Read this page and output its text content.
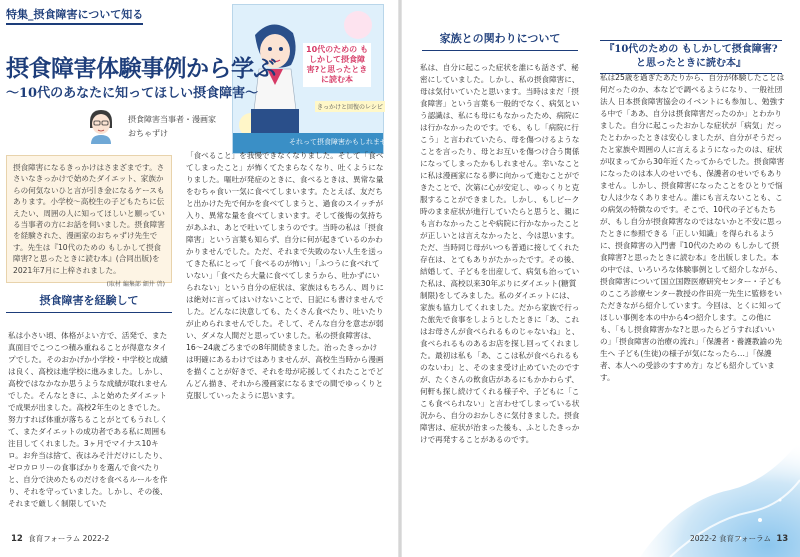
特集_摂食障害について知る
10代のための もしかして摂食障害?と思ったときに読む本
きっかけと回復のレシピ
それって摂食障害かもしれません。
摂食障害体験事例から学ぶ
〜10代のあなたに知ってほしい摂食障害〜
摂食障害当事者・漫画家
おちゃずけ

摂食障害になるきっかけはさまざまです。ささいなきっかけで始めたダイエット、家族からの何気ないひと言が引き金になるケースもあります。小学校〜高校生の子どもたちに伝えたい、周囲の人に知ってほしいと願っている当事者の方にお話を伺いました。摂食障害を経験された、漫画家のおちゃずけ先生です。先生は『10代のための もしかして摂食障害?と思ったときに読む本』(合同出版)を2021年7月に上梓されました。

(取材 編集部 細井 啓)
摂食障害を経験して

私は小さい頃、体格がよい方で、活発で、また真面目でこつこつ積み重ねることが得意なタイプでした。そのおかげか小学校・中学校と成績は良く、高校は進学校に進みました。しかし、高校ではなかなか思うような成績が取れませんでした。そんなときに、ふと始めたダイエットで成果が出ました。高校2年生のときでした。努力すれば体重が落ちることがとてもうれしくて、またダイエットの成功者である私に周囲も注目してくれました。3ヶ月でマイナス10キロ。お弁当は捨て、夜はみそ汁だけにしたり、ゼロカロリーの食事ばかりを選んで食べたりと、自分で決めたものだけを食べるルールを作り、それを守っていました。しかし、その後、それまで厳しく制限していた

「食べること」を我慢できなくなりました。そして「食べてしまったこと」が怖くてたまらなくなり、吐くようになりました。嘔吐が発症のときに、食べるときは、異常な量をむちゃ食い一気に食べてしまいます。たとえば、友だちと出かけた先で何かを食べてしまうと、過食のスイッチが入り、異常な量を食べてしまいます。そして後悔の気持ちがあふれ、あとで吐いてしまうのです。当時の私は「摂食障害」という言葉も知らず、自分に何が起きているのかわかりませんでした。ただ、それまで失敗のない人生を送ってきた私にとって「食べるのが怖い」「ふつうに食べれていない」「食べたら大量に食べてしまうから、吐かずにいられない」という自分の症状は、家族はもちろん、周りには絶対に言ってはいけないことで、日記にも書けませんでした。どんなに決意しても、たくさん食べたり、吐いたりが止められませんでした。そして、そんな自分を意志が弱い、ダメな人間だと思っていました。私の摂食障害は、16〜24歳ごろまでの8年間続きました。治ったきっかけは明確にあるわけではありませんが、高校生当時から漫画を描くことが好きで、それを母が応援してくれたことでどんどん描き、それから漫画家になるまでの間でゆっくりと克服していったように思います。

家族との関わりについて

私は、自分に起こった症状を誰にも話さず、秘密にしていました。しかし、私の摂食障害に、母は気付いていたと思います。当時はまだ「摂食障害」という言葉も一般的でなく、病気という認識は、私にも母にもなかったため、病院には行かなかったのです。でも、もし「病院に行こう」と言われていたら、母を傷つけるようなことを言ったり、母とお互いを傷つけ合う関係になってしまったかもしれません。幸いなことに私は漫画家になる夢に向かって進むことができたことで、次第に心が安定し、ゆっくりと克服することができました。しかし、もしピーク時のまま症状が進行していたらと思うと、親にも言わなかったことや病院に行かなかったことが正しいとは言えなかったと、今は思います。ただ、当時同じ母がいつも普通に接してくれた存在は、とてもありがたかったです。その後、結婚して、子どもを出産して、病気も治っていた私は、高校以来30年ぶりにダイエット(糖質制限)をしてみました。私のダイエットには、家族も協力してくれました。だから家族で行った旅先で食事をしようとしたときに「あ、これはお母さんが食べられるものじゃないね」と、食べられるものあるお店を探し回ってくれました。最初は私も「あ、ここは私が食べられるものないわ」と、そのまま受け止めていたのですが、たくさんの飲食店があるにもかかわらず、何軒も探し続けてくれる様子や、子どもに「ここも食べられない」と言わせてしまっている状況から、自分のおかしさに気付きました。摂食障害は、症状が治まった後も、ふとしたきっかけで再発することがあるのです。

『10代のための もしかして摂食障害?と思ったときに読む本』

私は25歳を過ぎたあたりから、自分が体験したことは何だったのか、本などで調べるようになり、一般社団法人 日本摂食障害協会のイベントにも参加し、勉強する中で「ああ、自分は摂食障害だったのか」とわかりました。自分に起こったおかしな症状が「病気」だったとわかったときは安心しましたが、自分がそうだったと家族や周囲の人に言えるようになったのは、症状が収まってから30年近くたってからでした。摂食障害になったのは本人のせいでも、保護者のせいでもありません。しかし、摂食障害になったことをひとりで悩む人は少なくありません。誰にも言えないことも、この病気の特徴なのです。そこで、10代の子どもたちが、もし自分が摂食障害なのではないかと不安に思ったときに参照できる「正しい知識」を得られるように、摂食障害の入門書『10代のための もしかして摂食障害?と思ったときに読む本』を出版しました。本の中では、いろいろな体験事例として紹介しながら、摂食障害について国立国際医療研究センター・子どものこころ診療センター教授の作田亮一先生に監修をいただきながら紹介しています。今回は、とくに知ってほしい事例を本の中から4つ紹介します。この他にも、「もし摂食障害かな?と思ったらどうすればいいの」「摂食障害の治療の流れ」「保護者・養護教諭の先生へ 子ども(生徒)の様子が気になったら…」「保護者、本人への受診のすすめ方」なども紹介しています。

12 食育フォーラム 2022-2	2022-2 食育フォーラム 13
